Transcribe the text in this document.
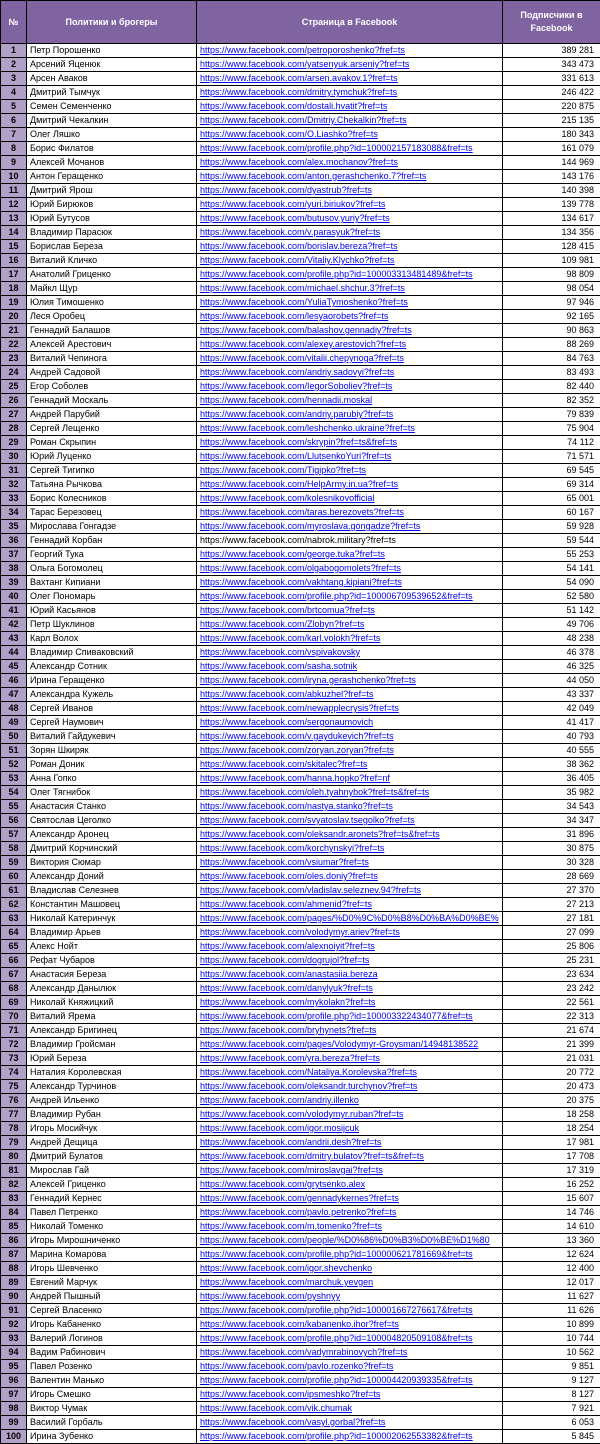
№	Политики и брогеры	Страница в Facebook	Подписчики в Facebook
1	Петр Порошенко	https://www.facebook.com/petroporoshenko?fref=ts	389 281
2	Арсений Яценюк	https://www.facebook.com/yatsenyuk.arseniy?fref=ts	343 473
3	Арсен Аваков	https://www.facebook.com/arsen.avakov.1?fref=ts	331 613
4	Дмитрий Тымчук	https://www.facebook.com/dmitry.tymchuk?fref=ts	246 422
5	Семен Семенченко	https://www.facebook.com/dostali.hvatit?fref=ts	220 875
6	Дмитрий Чекалкин	https://www.facebook.com/Dmitriy.Chekalkin?fref=ts	215 135
7	Олег Ляшко	https://www.facebook.com/O.Liashko?fref=ts	180 343
8	Борис Филатов	https://www.facebook.com/profile.php?id=100002157183088&fref=ts	161 079
9	Алексей Мочанов	https://www.facebook.com/alex.mochanov?fref=ts	144 969
10	Антон Геращенко	https://www.facebook.com/anton.gerashchenko.7?fref=ts	143 176
11	Дмитрий Ярош	https://www.facebook.com/dyastrub?fref=ts	140 398
12	Юрий Бирюков	https://www.facebook.com/yuri.biriukov?fref=ts	139 778
13	Юрий Бутусов	https://www.facebook.com/butusov.yuriy?fref=ts	134 617
14	Владимир Парасюк	https://www.facebook.com/v.parasyuk?fref=ts	134 356
15	Борислав Береза	https://www.facebook.com/borislav.bereza?fref=ts	128 415
16	Виталий Кличко	https://www.facebook.com/Vitaliy.Klychko?fref=ts	109 981
17	Анатолий Гриценко	https://www.facebook.com/profile.php?id=100003313481489&fref=ts	98 809
18	Майкл Щур	https://www.facebook.com/michael.shchur.3?fref=ts	98 054
19	Юлия Тимошенко	https://www.facebook.com/YuliaTymoshenko?fref=ts	97 946
20	Леся Оробец	https://www.facebook.com/lesyaorobets?fref=ts	92 165
21	Геннадий Балашов	https://www.facebook.com/balashov.gennadiy?fref=ts	90 863
22	Алексей Арестович	https://www.facebook.com/alexey.arestovich?fref=ts	88 269
23	Виталий Чепинога	https://www.facebook.com/vitalii.chepynoga?fref=ts	84 763
24	Андрей Садовой	https://www.facebook.com/andriy.sadovyi?fref=ts	83 493
25	Егор Соболев	https://www.facebook.com/IegorSoboliev?fref=ts	82 440
26	Геннадий Москаль	https://www.facebook.com/hennadii.moskal	82 352
27	Андрей Парубий	https://www.facebook.com/andriy.parubiy?fref=ts	79 839
28	Сергей Лещенко	https://www.facebook.com/leshchenko.ukraine?fref=ts	75 904
29	Роман Скрыпин	https://www.facebook.com/skrypin?fref=ts&fref=ts	74 112
30	Юрий Луценко	https://www.facebook.com/LlutsenkoYuri?fref=ts	71 571
31	Сергей Тигипко	https://www.facebook.com/Tigipko?fref=ts	69 545
32	Татьяна Рычкова	https://www.facebook.com/HelpArmy.in.ua?fref=ts	69 314
33	Борис Колесников	https://www.facebook.com/kolesnikovofficial	65 001
34	Тарас Березовец	https://www.facebook.com/taras.berezovets?fref=ts	60 167
35	Мирослава Гонгадзе	https://www.facebook.com/myroslava.gongadze?fref=ts	59 928
36	Геннадий Корбан	https://www.facebook.com/nabrok.military?fref=ts	59 544
37	Георгий Тука	https://www.facebook.com/george.tuka?fref=ts	55 253
38	Ольга Богомолец	https://www.facebook.com/olgabogomolets?fref=ts	54 141
39	Вахтанг Кипиани	https://www.facebook.com/vakhtang.kipiani?fref=ts	54 090
40	Олег Пономарь	https://www.facebook.com/profile.php?id=100006709539652&fref=ts	52 580
41	Юрий Касьянов	https://www.facebook.com/brtcomua?fref=ts	51 142
42	Петр Шуклинов	https://www.facebook.com/Zlobyn?fref=ts	49 706
43	Карл Волох	https://www.facebook.com/karl.volokh?fref=ts	48 238
44	Владимир Спиваковский	https://www.facebook.com/vspivakovsky	46 378
45	Александр Сотник	https://www.facebook.com/sasha.sotnik	46 325
46	Ирина Геращенко	https://www.facebook.com/iryna.gerashchenko?fref=ts	44 050
47	Александра Кужель	https://www.facebook.com/abkuzhel?fref=ts	43 337
48	Сергей Иванов	https://www.facebook.com/newapplecrysis?fref=ts	42 049
49	Сергей Наумович	https://www.facebook.com/sergonaumovich	41 417
50	Виталий Гайдукевич	https://www.facebook.com/v.gaydukevich?fref=ts	40 793
51	Зорян Шкиряк	https://www.facebook.com/zoryan.zoryan?fref=ts	40 555
52	Роман Доник	https://www.facebook.com/skitalec?fref=ts	38 362
53	Анна Гопко	https://www.facebook.com/hanna.hopko?fref=nf	36 405
54	Олег Тягнибок	https://www.facebook.com/oleh.tyahnybok?fref=ts&fref=ts	35 982
55	Анастасия Станко	https://www.facebook.com/nastya.stanko?fref=ts	34 543
56	Святослав Цеголко	https://www.facebook.com/svyatoslav.tsegolko?fref=ts	34 347
57	Александр Аронец	https://www.facebook.com/oleksandr.aronets?fref=ts&fref=ts	31 896
58	Дмитрий Корчинский	https://www.facebook.com/korchynskyi?fref=ts	30 875
59	Виктория Сюмар	https://www.facebook.com/vsiumar?fref=ts	30 328
60	Александр Доний	https://www.facebook.com/oles.doniy?fref=ts	28 669
61	Владислав Селезнев	https://www.facebook.com/vladislav.seleznev.94?fref=ts	27 370
62	Константин Машовец	https://www.facebook.com/ahmenid?fref=ts	27 213
63	Николай Катеринчук	https://www.facebook.com/pages/%D0%9C%D0%B8%D0%BA%D0%BE%	27 181
64	Владимир Арьев	https://www.facebook.com/volodymyr.ariev?fref=ts	27 099
65	Алекс Нойт	https://www.facebook.com/alexnoiyit?fref=ts	25 806
66	Рефат Чубаров	https://www.facebook.com/dogrujol?fref=ts	25 231
67	Анастасия Береза	https://www.facebook.com/anastasiia.bereza	23 634
68	Александр Данылюк	https://www.facebook.com/danylyuk?fref=ts	23 242
69	Николай Княжицкий	https://www.facebook.com/mykolakn?fref=ts	22 561
70	Виталий Ярема	https://www.facebook.com/profile.php?id=100003322434077&fref=ts	22 313
71	Александр Бригинец	https://www.facebook.com/bryhynets?fref=ts	21 674
72	Владимир Гройсман	https://www.facebook.com/pages/Volodymyr-Groysman/14948138522	21 399
73	Юрий Береза	https://www.facebook.com/yra.bereza?fref=ts	21 031
74	Наталия Королевская	https://www.facebook.com/Nataliya.Korolevska?fref=ts	20 772
75	Александр Турчинов	https://www.facebook.com/oleksandr.turchynov?fref=ts	20 473
76	Андрей Ильенко	https://www.facebook.com/andriy.illenko	20 375
77	Владимир Рубан	https://www.facebook.com/volodymyr.ruban?fref=ts	18 258
78	Игорь Мосийчук	https://www.facebook.com/igor.mosijcuk	18 254
79	Андрей Дещица	https://www.facebook.com/andrii.desh?fref=ts	17 981
80	Дмитрий Булатов	https://www.facebook.com/dmitry.bulatov?fref=ts&fref=ts	17 708
81	Мирослав Гай	https://www.facebook.com/miroslavgai?fref=ts	17 319
82	Алексей Гриценко	https://www.facebook.com/grytsenko.alex	16 252
83	Геннадий Кернес	https://www.facebook.com/gennadykernes?fref=ts	15 607
84	Павел Петренко	https://www.facebook.com/pavlo.petrenko?fref=ts	14 746
85	Николай Томенко	https://www.facebook.com/m.tomenko?fref=ts	14 610
86	Игорь Мирошниченко	https://www.facebook.com/people/%D0%86%D0%B3%D0%BE%D1%80	13 360
87	Марина Комарова	https://www.facebook.com/profile.php?id=100000621781669&fref=ts	12 624
88	Игорь Шевченко	https://www.facebook.com/igor.shevchenko	12 400
89	Евгений Марчук	https://www.facebook.com/marchuk.yevgen	12 017
90	Андрей Пышный	https://www.facebook.com/pyshnyy	11 627
91	Сергей Власенко	https://www.facebook.com/profile.php?id=100001667276617&fref=ts	11 626
92	Игорь Кабаненко	https://www.facebook.com/kabanenko.ihor?fref=ts	10 899
93	Валерий Логинов	https://www.facebook.com/profile.php?id=100004820509108&fref=ts	10 744
94	Вадим Рабинович	https://www.facebook.com/vadymrabinovych?fref=ts	10 562
95	Павел Розенко	https://www.facebook.com/pavlo.rozenko?fref=ts	9 851
96	Валентин Манько	https://www.facebook.com/profile.php?id=100004420939335&fref=ts	9 127
97	Игорь Смешко	https://www.facebook.com/ipsmeshko?fref=ts	8 127
98	Виктор Чумак	https://www.facebook.com/vik.chumak	7 921
99	Василий Горбаль	https://www.facebook.com/vasyl.gorbal?fref=ts	6 053
100	Ирина Зубенко	https://www.facebook.com/profile.php?id=100002062553382&fref=ts	5 845
